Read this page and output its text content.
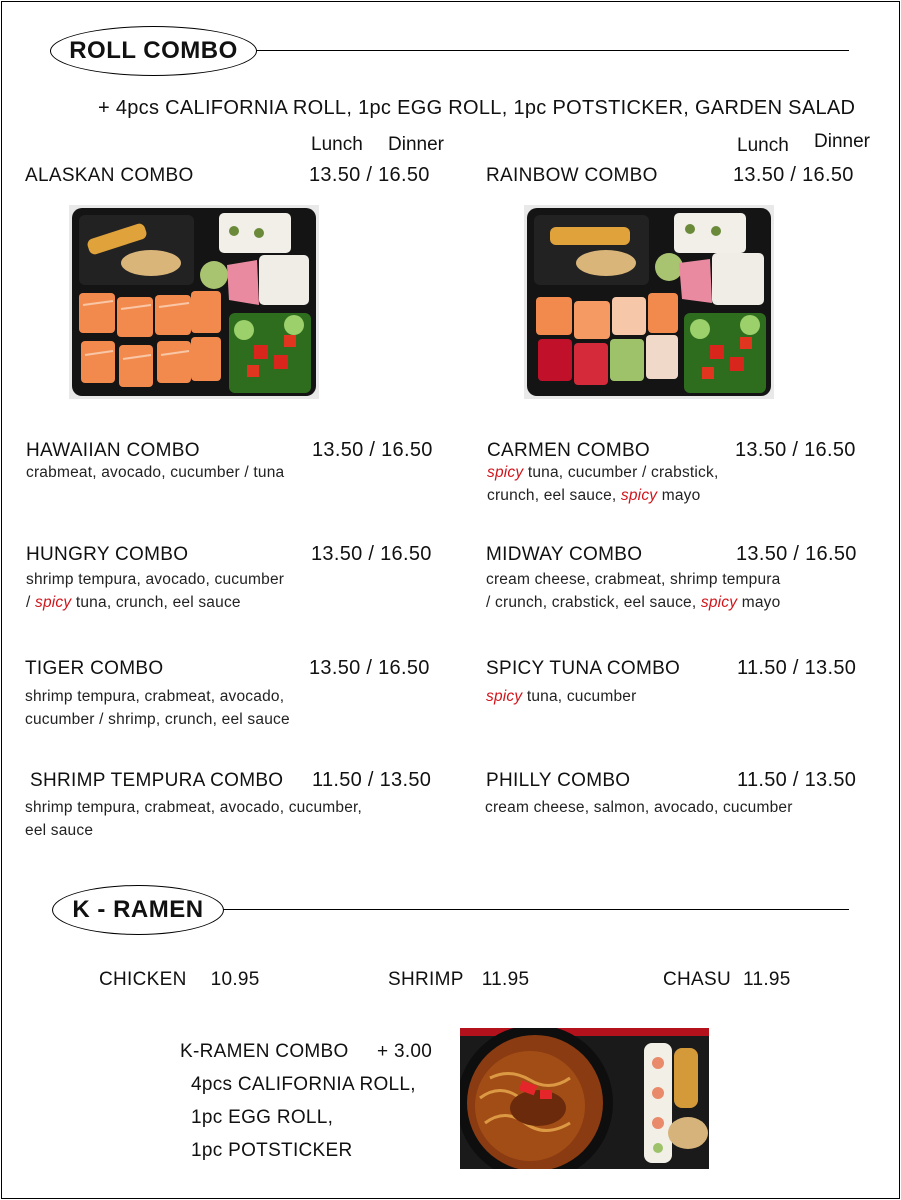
ROLL COMBO
+ 4pcs CALIFORNIA ROLL, 1pc EGG ROLL, 1pc POTSTICKER, GARDEN SALAD
Lunch Dinner	Lunch Dinner
ALASKAN COMBO	13.50 / 16.50	RAINBOW COMBO	13.50 / 16.50
HAWAIIAN COMBO	13.50 / 16.50
crabmeat, avocado, cucumber / tuna
CARMEN COMBO	13.50 / 16.50
spicy tuna, cucumber / crabstick,
crunch, eel sauce, spicy mayo
HUNGRY COMBO	13.50 / 16.50
shrimp tempura, avocado, cucumber
/ spicy tuna, crunch, eel sauce
MIDWAY COMBO	13.50 / 16.50
cream cheese, crabmeat, shrimp tempura
/ crunch, crabstick, eel sauce, spicy mayo
TIGER COMBO	13.50 / 16.50
shrimp tempura, crabmeat, avocado,
cucumber / shrimp, crunch, eel sauce
SPICY TUNA COMBO	11.50 / 13.50
spicy tuna, cucumber
SHRIMP TEMPURA COMBO 11.50 / 13.50
shrimp tempura, crabmeat, avocado, cucumber,
eel sauce
PHILLY COMBO	11.50 / 13.50
cream cheese, salmon, avocado, cucumber
K - RAMEN
CHICKEN 10.95	SHRIMP 11.95	CHASU 11.95
K-RAMEN COMBO + 3.00
4pcs CALIFORNIA ROLL,
1pc EGG ROLL,
1pc POTSTICKER
